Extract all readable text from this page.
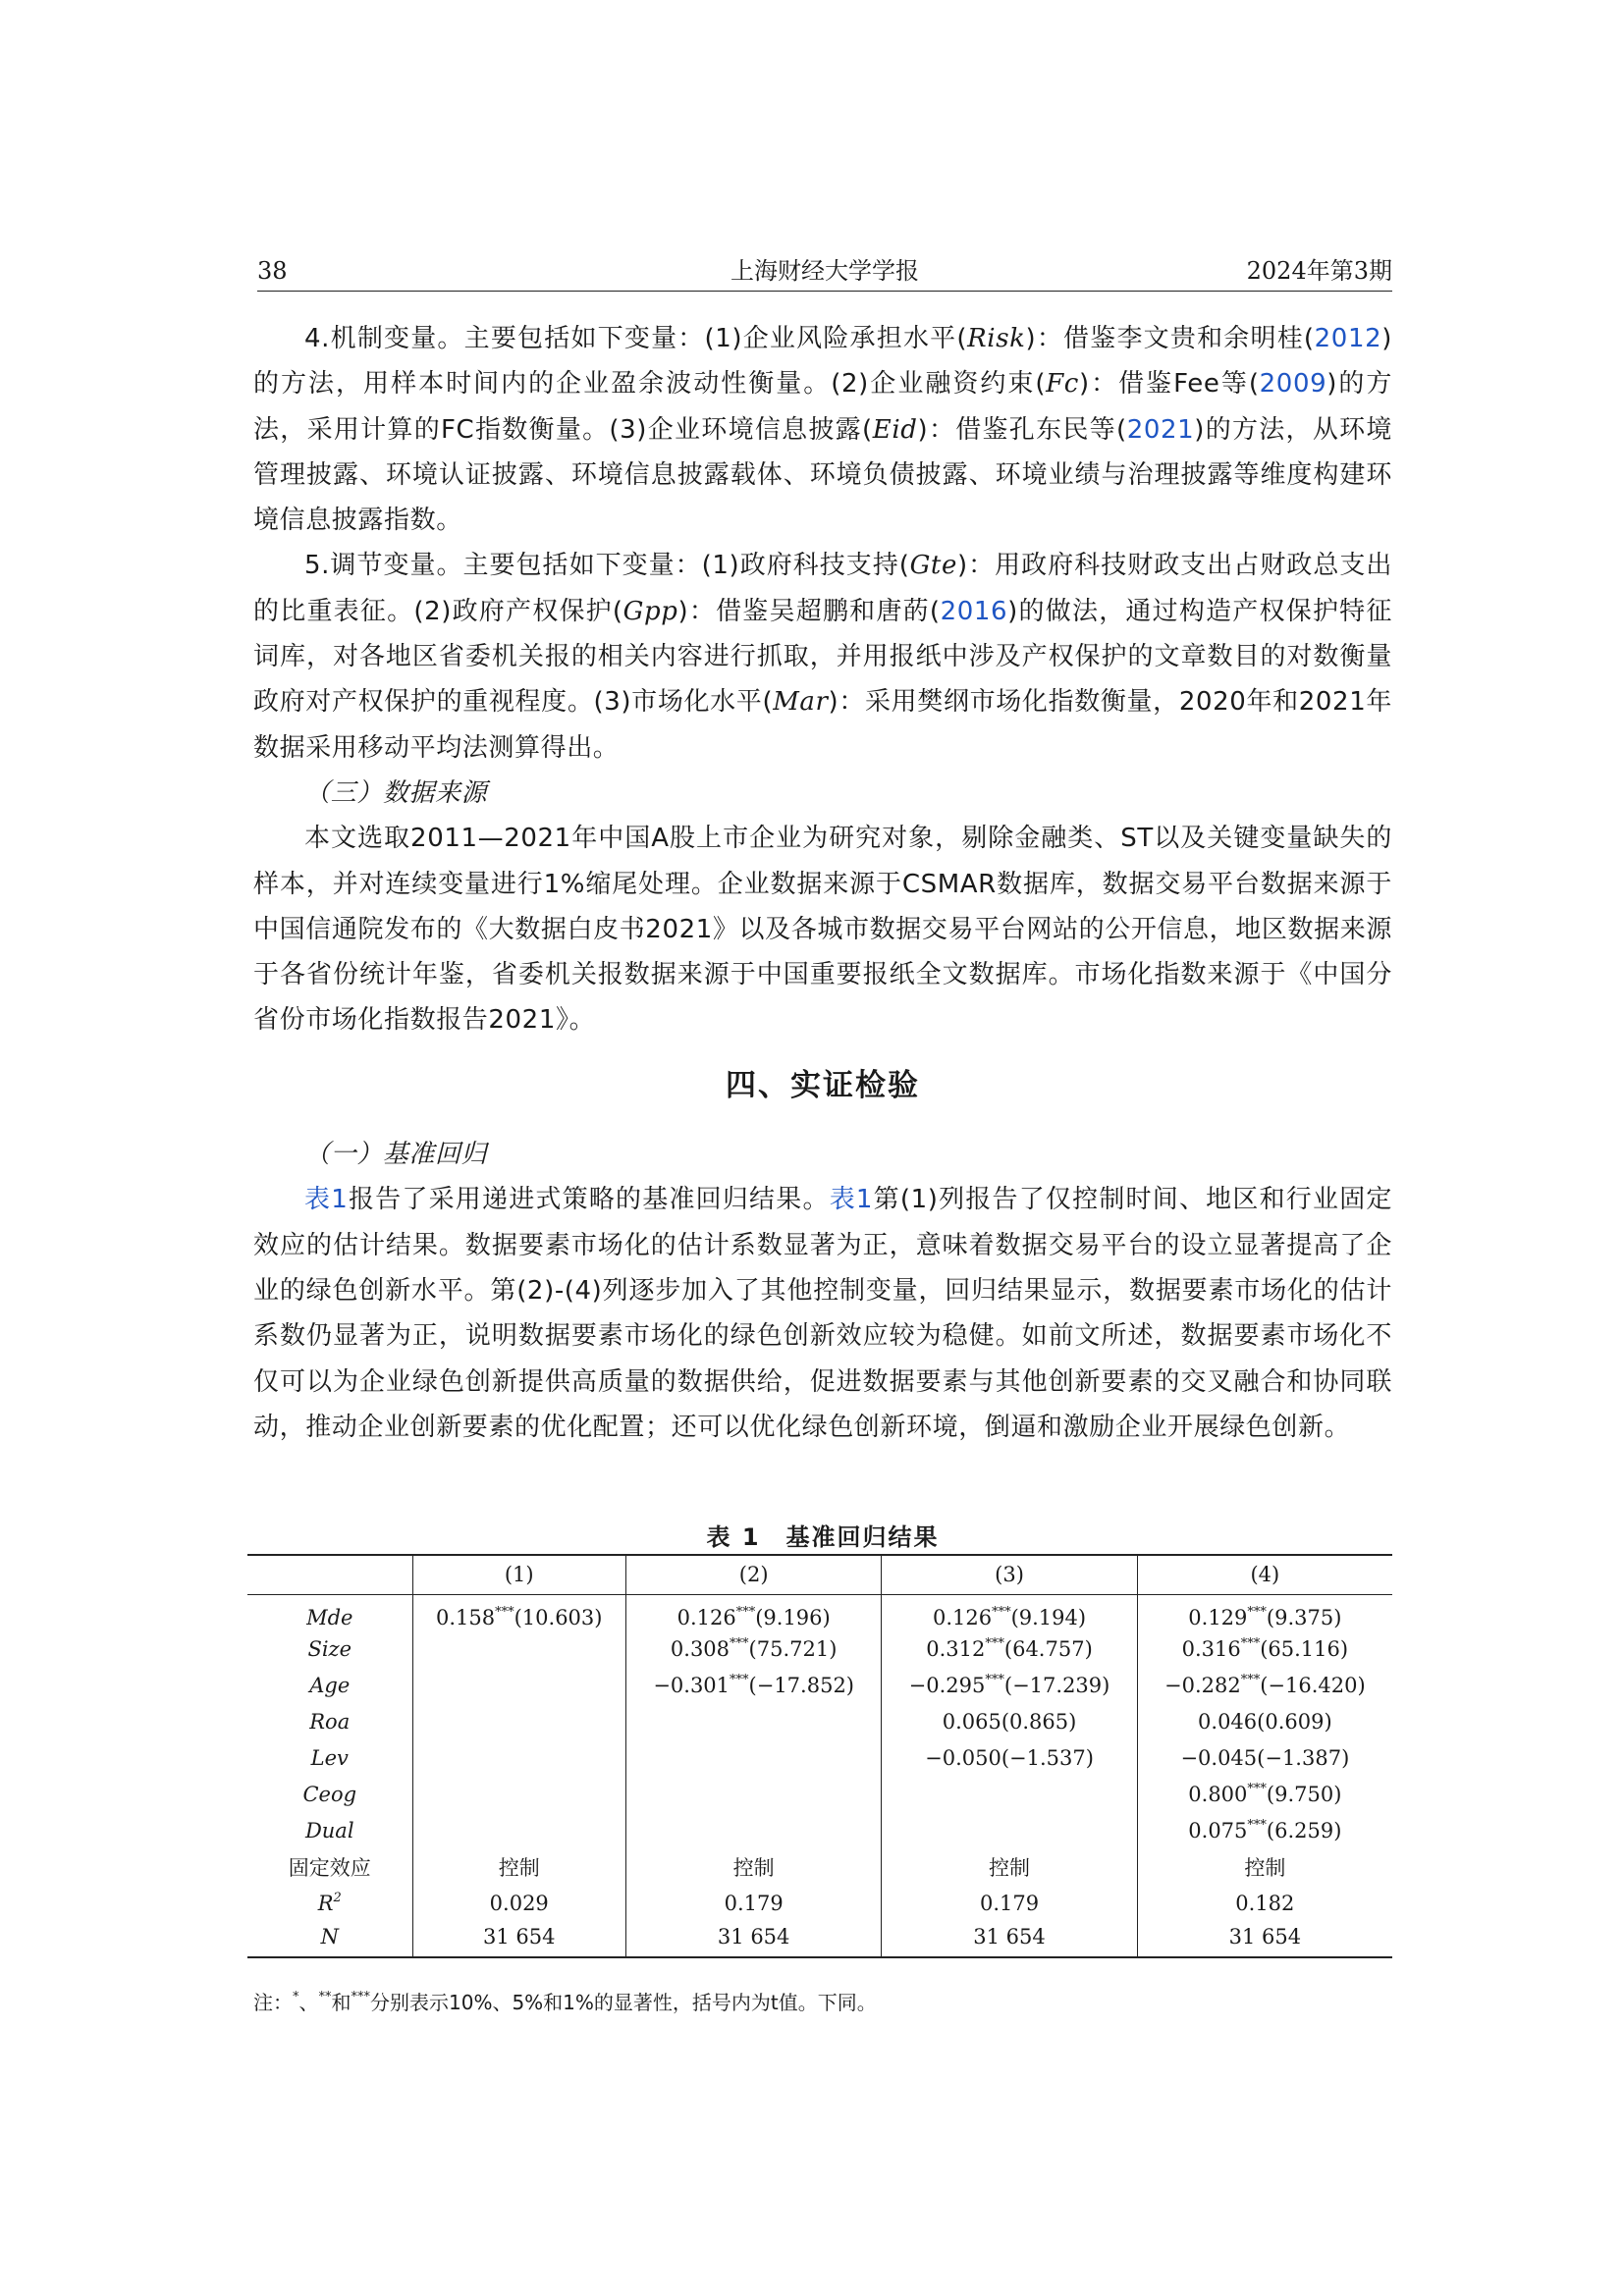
38	上海财经大学学报	2024年第3期

4.机制变量。主要包括如下变量：(1)企业风险承担水平(Risk)：借鉴李文贵和余明桂(2012)的方法，用样本时间内的企业盈余波动性衡量。(2)企业融资约束(Fc)：借鉴Fee等(2009)的方法，采用计算的FC指数衡量。(3)企业环境信息披露(Eid)：借鉴孔东民等(2021)的方法，从环境管理披露、环境认证披露、环境信息披露载体、环境负债披露、环境业绩与治理披露等维度构建环境信息披露指数。

5.调节变量。主要包括如下变量：(1)政府科技支持(Gte)：用政府科技财政支出占财政总支出的比重表征。(2)政府产权保护(Gpp)：借鉴吴超鹏和唐菂(2016)的做法，通过构造产权保护特征词库，对各地区省委机关报的相关内容进行抓取，并用报纸中涉及产权保护的文章数目的对数衡量政府对产权保护的重视程度。(3)市场化水平(Mar)：采用樊纲市场化指数衡量，2020年和2021年数据采用移动平均法测算得出。

（三）数据来源

本文选取2011—2021年中国A股上市企业为研究对象，剔除金融类、ST以及关键变量缺失的样本，并对连续变量进行1%缩尾处理。企业数据来源于CSMAR数据库，数据交易平台数据来源于中国信通院发布的《大数据白皮书2021》以及各城市数据交易平台网站的公开信息，地区数据来源于各省份统计年鉴，省委机关报数据来源于中国重要报纸全文数据库。市场化指数来源于《中国分省份市场化指数报告2021》。

四、实证检验

（一）基准回归

表1报告了采用递进式策略的基准回归结果。表1第(1)列报告了仅控制时间、地区和行业固定效应的估计结果。数据要素市场化的估计系数显著为正，意味着数据交易平台的设立显著提高了企业的绿色创新水平。第(2)-(4)列逐步加入了其他控制变量，回归结果显示，数据要素市场化的估计系数仍显著为正，说明数据要素市场化的绿色创新效应较为稳健。如前文所述，数据要素市场化不仅可以为企业绿色创新提供高质量的数据供给，促进数据要素与其他创新要素的交叉融合和协同联动，推动企业创新要素的优化配置；还可以优化绿色创新环境，倒逼和激励企业开展绿色创新。

表 1　基准回归结果
	(1)	(2)	(3)	(4)
Mde	0.158***(10.603)	0.126***(9.196)	0.126***(9.194)	0.129***(9.375)
Size		0.308***(75.721)	0.312***(64.757)	0.316***(65.116)
Age		−0.301***(−17.852)	−0.295***(−17.239)	−0.282***(−16.420)
Roa			0.065(0.865)	0.046(0.609)
Lev			−0.050(−1.537)	−0.045(−1.387)
Ceog				0.800***(9.750)
Dual				0.075***(6.259)
固定效应	控制	控制	控制	控制
$R^2$	0.029	0.179	0.179	0.182
N	31 654	31 654	31 654	31 654
注：*、**和***分别表示10%、5%和1%的显著性，括号内为t值。下同。
